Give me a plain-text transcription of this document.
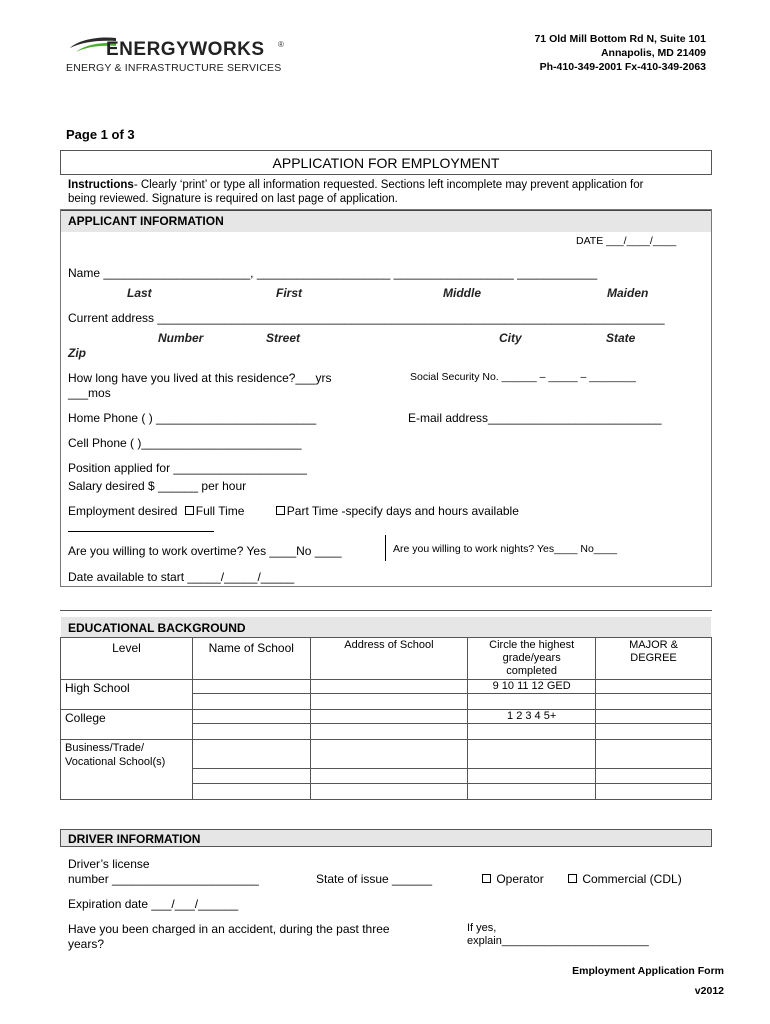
ENERGYWORKS ®
ENERGY & INFRASTRUCTURE SERVICES
71 Old Mill Bottom Rd N, Suite 101
Annapolis, MD 21409
Ph-410-349-2001 Fx-410-349-2063
Page 1 of 3
APPLICATION FOR EMPLOYMENT
Instructions- Clearly ‘print’ or type all information requested. Sections left incomplete may prevent application for
being reviewed. Signature is required on last page of application.
APPLICANT INFORMATION
DATE ___/____/____
Name ______________________, ____________________ __________________ ____________
Last	First	Middle	Maiden
Current address ____________________________________________________________________________
Number	Street	City	State
Zip
How long have you lived at this residence?___yrs
___mos
Social Security No. ______ – _____ – ________
Home Phone ( ) ________________________	E-mail address__________________________
Cell Phone ( )________________________
Position applied for ____________________
Salary desired $ ______ per hour
Employment desired Full Time	Part Time -specify days and hours available
Are you willing to work overtime? Yes ____No ____	Are you willing to work nights? Yes____ No____
Date available to start _____/_____/_____
EDUCATIONAL BACKGROUND
Level	Name of School	Address of School	Circle the highest grade/years completed	MAJOR & DEGREE
High School			9 10 11 12 GED	

College			1 2 3 4 5+	

Business/Trade/ Vocational School(s)				

DRIVER INFORMATION
Driver’s license
number ______________________	State of issue ______	Operator	Commercial (CDL)
Expiration date ___/___/______
Have you been charged in an accident, during the past three
years?
If yes,
explain________________________
Employment Application Form
v2012
